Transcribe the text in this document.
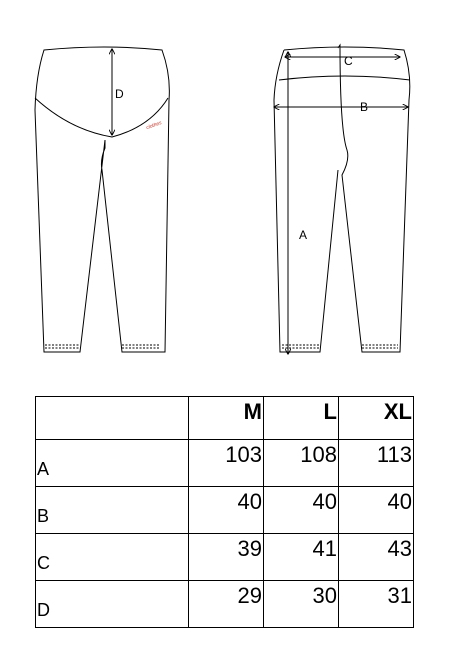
D
clothes
C
B
A
	M	L	XL
A	103	108	113
B	40	40	40
C	39	41	43
D	29	30	31
